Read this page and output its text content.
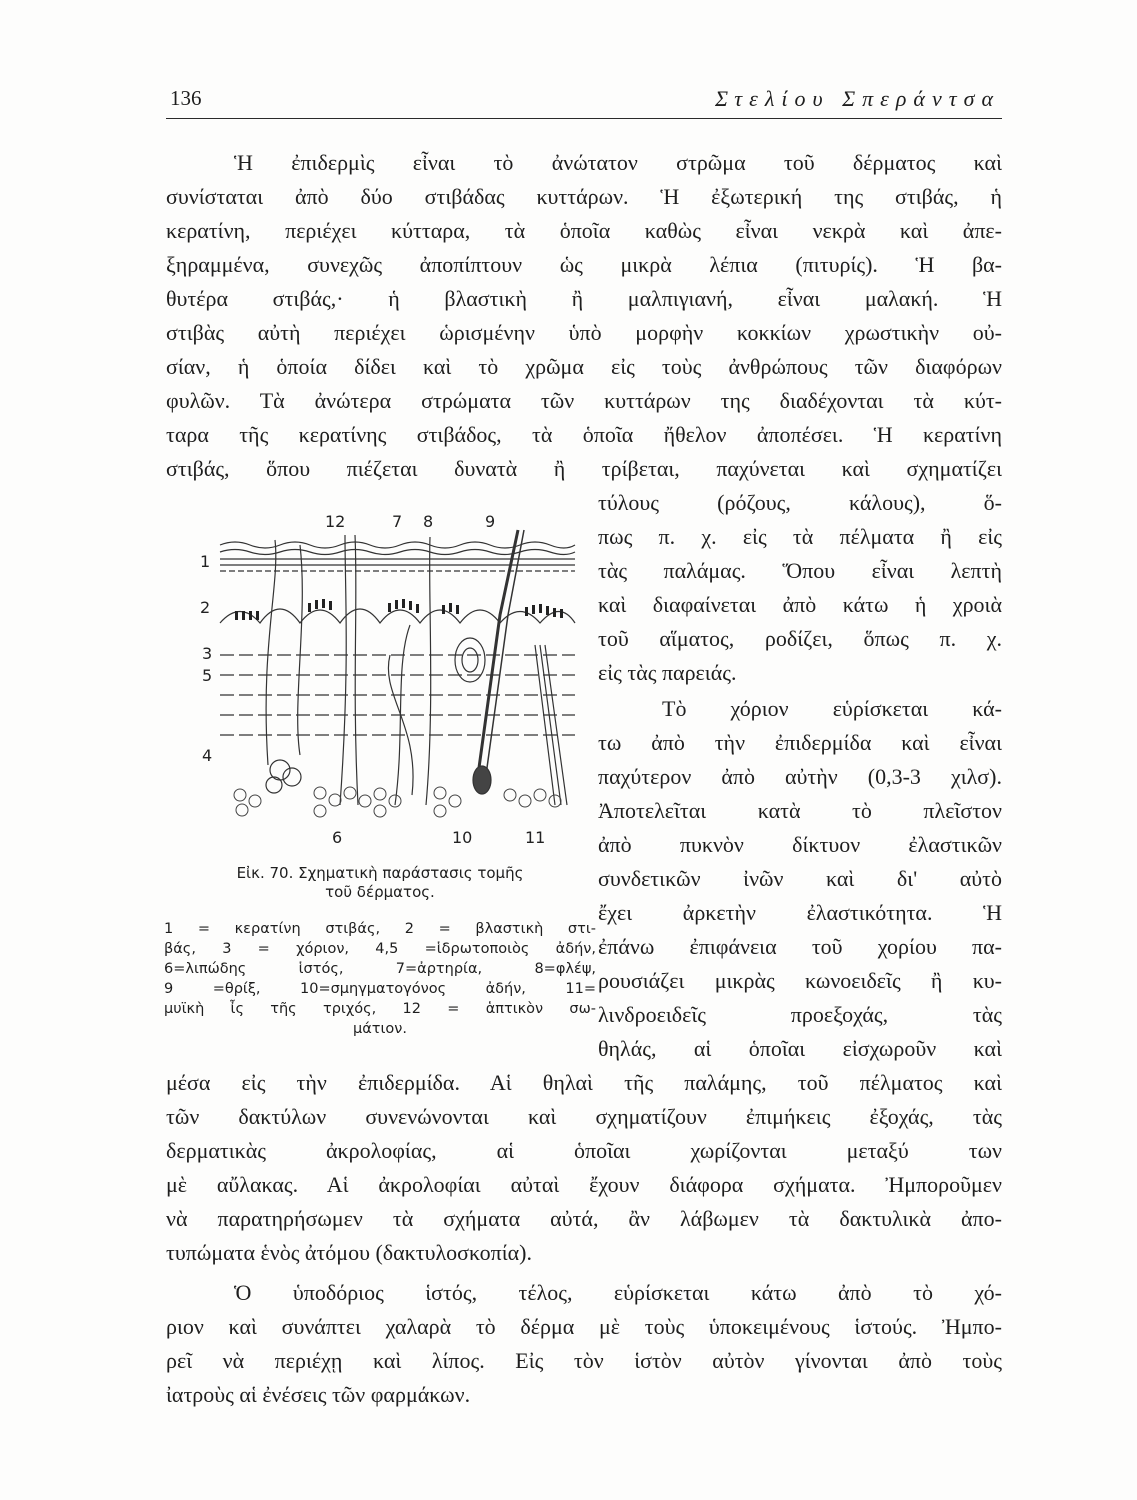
136	Στελίου Σπεράντσα
Ἡ ἐπιδερμὶς εἶναι τὸ ἀνώτατον στρῶμα τοῦ δέρματος καὶ
συνίσταται ἀπὸ δύο στιβάδας κυττάρων. Ἡ ἐξωτερική της στιβάς, ἡ
κερατίνη, περιέχει κύτταρα, τὰ ὁποῖα καθὼς εἶναι νεκρὰ καὶ ἀπε-
ξηραμμένα, συνεχῶς ἀποπίπτουν ὡς μικρὰ λέπια (πιτυρίς). Ἡ βα-
θυτέρα στιβάς,· ἡ βλαστικὴ ἢ μαλπιγιανή, εἶναι μαλακή. Ἡ
στιβὰς αὐτὴ περιέχει ὡρισμένην ὑπὸ μορφὴν κοκκίων χρωστικὴν οὐ-
σίαν, ἡ ὁποία δίδει καὶ τὸ χρῶμα εἰς τοὺς ἀνθρώπους τῶν διαφόρων
φυλῶν. Τὰ ἀνώτερα στρώματα τῶν κυττάρων της διαδέχονται τὰ κύτ-
ταρα τῆς κερατίνης στιβάδος, τὰ ὁποῖα ἤθελον ἀποπέσει. Ἡ κερατίνη
στιβάς, ὅπου πιέζεται δυνατὰ ἢ τρίβεται, παχύνεται καὶ σχηματίζει
12	7 8	9
1
2
3
5
4
6	10	11
Εἰκ. 70. Σχηματικὴ παράστασις τομῆς
τοῦ δέρματος.
1 = κερατίνη στιβάς, 2 = βλαστικὴ στι-
βάς, 3 = χόριον, 4,5 =ἱδρωτοποιὸς ἀδήν,
6=λιπώδης ἱστός, 7=ἀρτηρία, 8=φλέψ,
9 =θρίξ, 10=σμηγματογόνος ἀδήν, 11=
μυϊκὴ ἶς τῆς τριχός, 12 = ἁπτικὸν σω-
μάτιον.
τύλους (ρόζους, κάλους), ὅ-
πως π. χ. εἰς τὰ πέλματα ἢ εἰς
τὰς παλάμας. Ὅπου εἶναι λεπτὴ
καὶ διαφαίνεται ἀπὸ κάτω ἡ χροιὰ
τοῦ αἵματος, ροδίζει, ὅπως π. χ.
εἰς τὰς παρειάς.
Τὸ χόριον εὑρίσκεται κά-
τω ἀπὸ τὴν ἐπιδερμίδα καὶ εἶναι
παχύτερον ἀπὸ αὐτὴν (0,3-3 χιλσ).
Ἀποτελεῖται κατὰ τὸ πλεῖστον
ἀπὸ πυκνὸν δίκτυον ἐλαστικῶν
συνδετικῶν ἰνῶν καὶ δι' αὐτὸ
ἔχει ἀρκετὴν ἐλαστικότητα. Ἡ
ἐπάνω ἐπιφάνεια τοῦ χορίου πα-
ρουσιάζει μικρὰς κωνοειδεῖς ἢ κυ-
λινδροειδεῖς προεξοχάς, τὰς
θηλάς, αἱ ὁποῖαι εἰσχωροῦν καὶ
μέσα εἰς τὴν ἐπιδερμίδα. Αἱ θηλαὶ τῆς παλάμης, τοῦ πέλματος καὶ
τῶν δακτύλων συνενώνονται καὶ σχηματίζουν ἐπιμήκεις ἐξοχάς, τὰς
δερματικὰς ἀκρολοφίας, αἱ ὁποῖαι χωρίζονται μεταξύ των
μὲ αὔλακας. Αἱ ἀκρολοφίαι αὐταὶ ἔχουν διάφορα σχήματα. Ἠμποροῦμεν
νὰ παρατηρήσωμεν τὰ σχήματα αὐτά, ἂν λάβωμεν τὰ δακτυλικὰ ἀπο-
τυπώματα ἑνὸς ἀτόμου (δακτυλοσκοπία).
Ὁ ὑποδόριος ἱστός, τέλος, εὑρίσκεται κάτω ἀπὸ τὸ χό-
ριον καὶ συνάπτει χαλαρὰ τὸ δέρμα μὲ τοὺς ὑποκειμένους ἱστούς. Ἠμπο-
ρεῖ νὰ περιέχῃ καὶ λίπος. Εἰς τὸν ἱστὸν αὐτὸν γίνονται ἀπὸ τοὺς
ἰατροὺς αἱ ἐνέσεις τῶν φαρμάκων.
